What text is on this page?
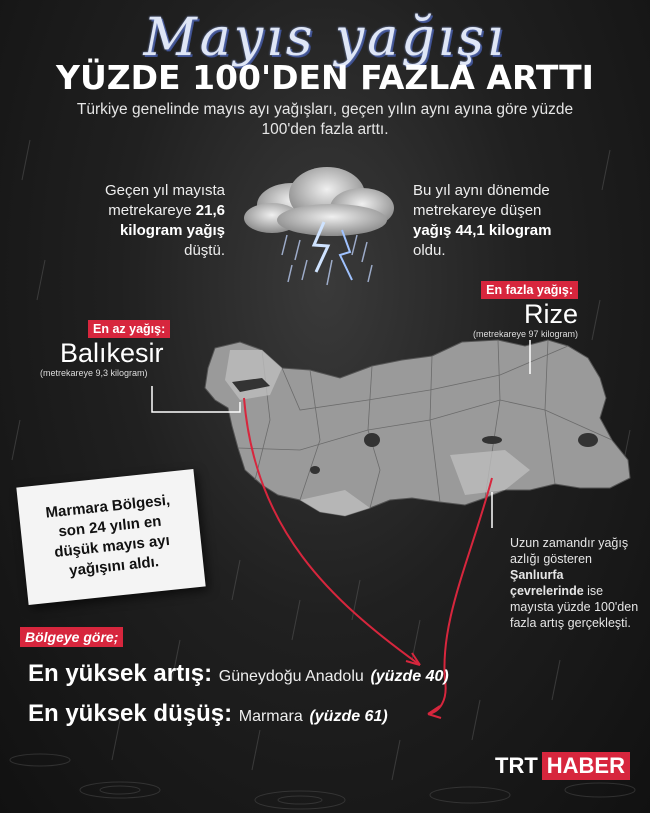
Mayıs yağışı
YÜZDE 100'DEN FAZLA ARTTI
Türkiye genelinde mayıs ayı yağışları, geçen yılın aynı ayına göre yüzde 100'den fazla arttı.
Geçen yıl mayısta
metrekareye 21,6
kilogram yağış
düştü.
Bu yıl aynı dönemde
metrekareye düşen
yağış 44,1 kilogram
oldu.
En fazla yağış:
Rize
(metrekareye 97 kilogram)
En az yağış:
Balıkesir
(metrekareye 9,3 kilogram)
Marmara Bölgesi, son 24 yılın en düşük mayıs ayı yağışını aldı.
Uzun zamandır yağış azlığı gösteren Şanlıurfa çevrelerinde ise mayısta yüzde 100'den fazla artış gerçekleşti.
Bölgeye göre;
En yüksek artış: Güneydoğu Anadolu (yüzde 40)
En yüksek düşüş: Marmara (yüzde 61)
TRT HABER
